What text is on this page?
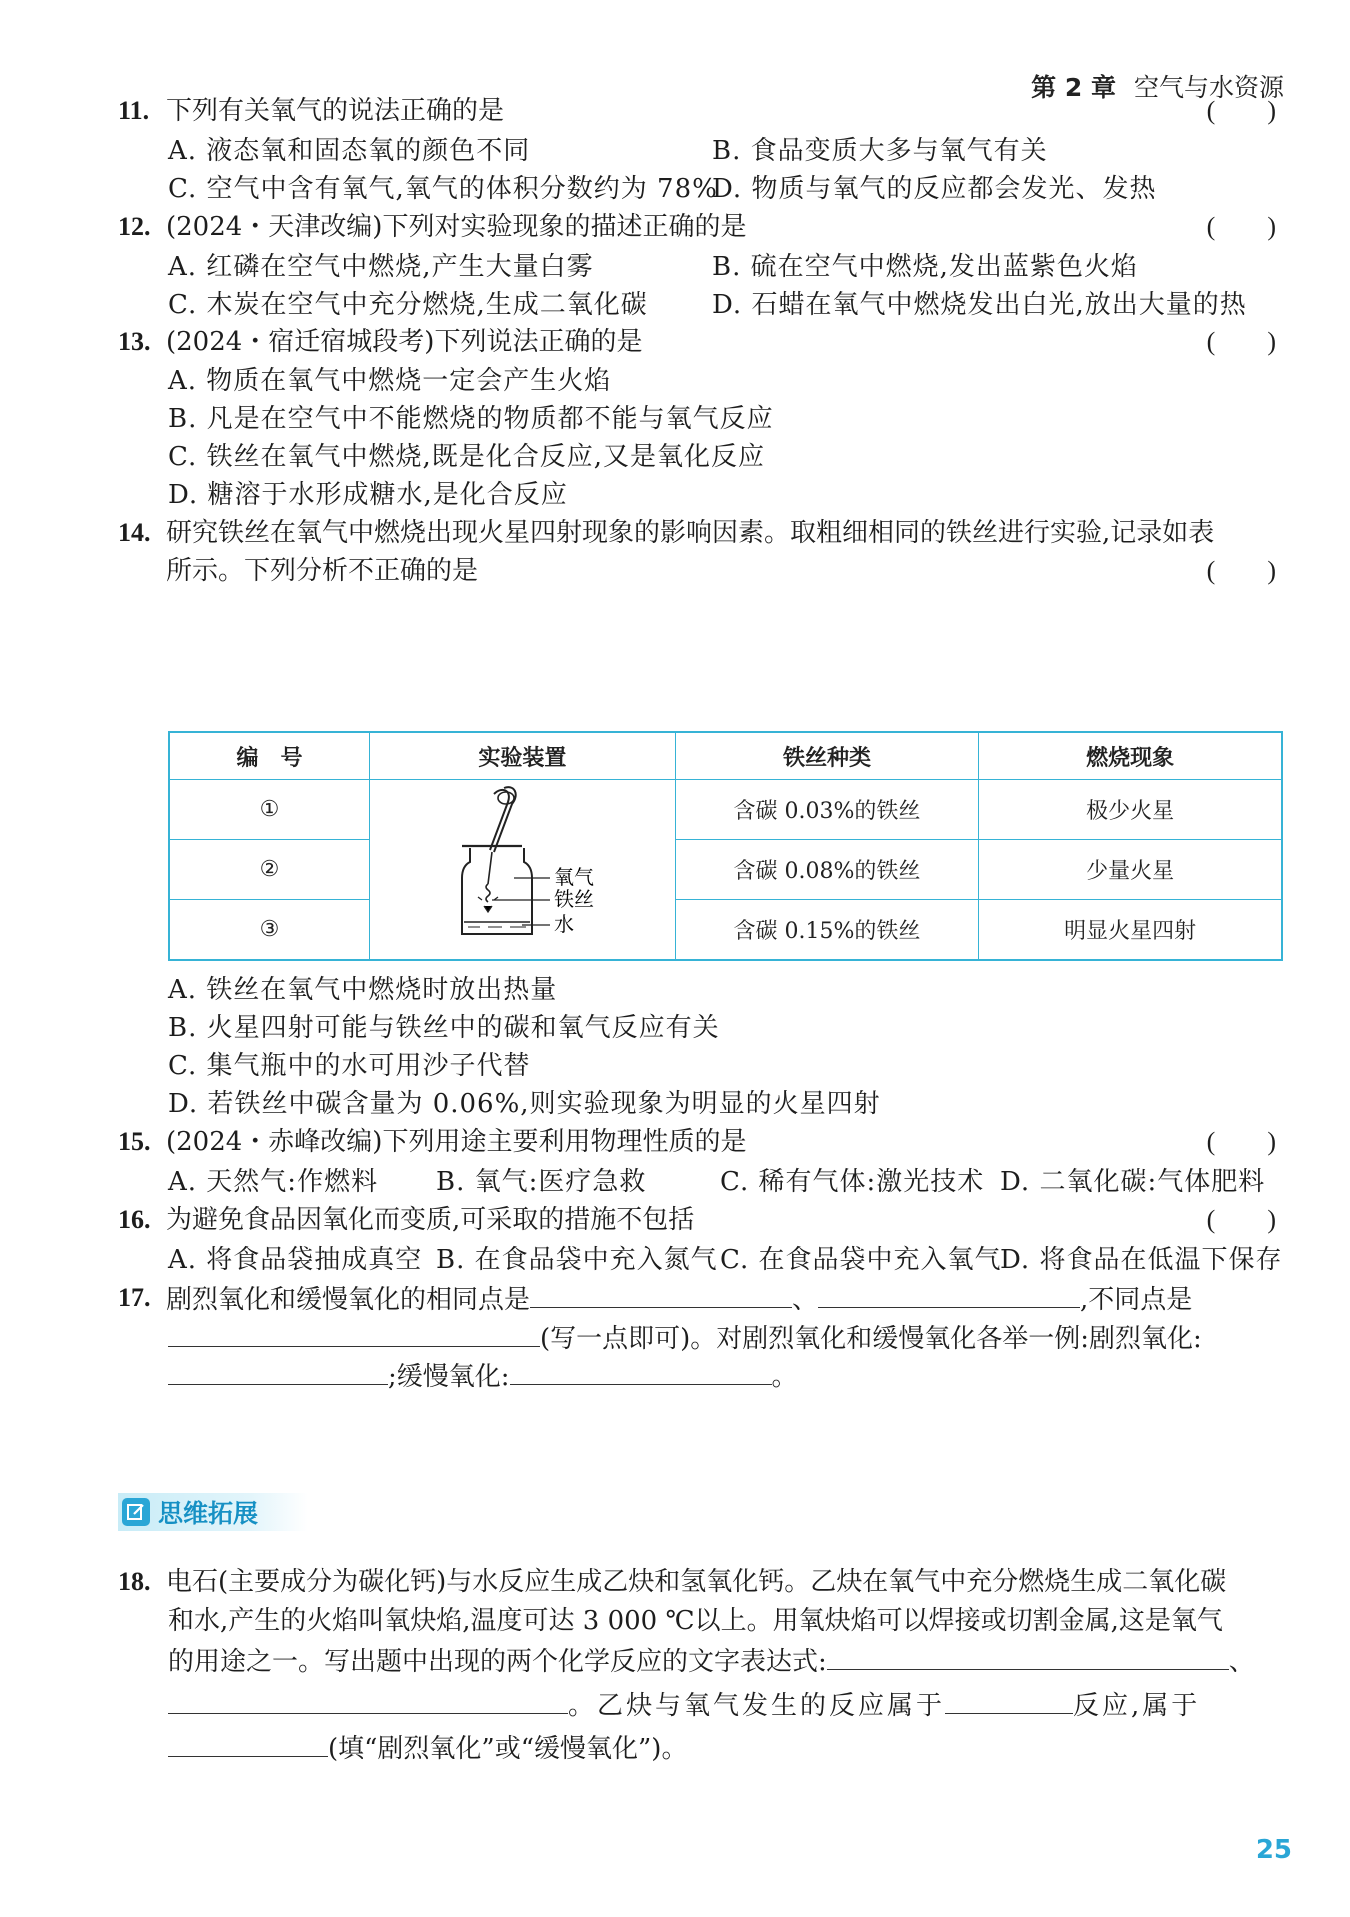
第 2 章 空气与水资源
11. 下列有关氧气的说法正确的是	(　　)
A. 液态氧和固态氧的颜色不同	B. 食品变质大多与氧气有关
C. 空气中含有氧气,氧气的体积分数约为 78%
D. 物质与氧气的反应都会发光、发热
12. (2024・天津改编)下列对实验现象的描述正确的是	(　　)
A. 红磷在空气中燃烧,产生大量白雾	B. 硫在空气中燃烧,发出蓝紫色火焰
C. 木炭在空气中充分燃烧,生成二氧化碳 D. 石蜡在氧气中燃烧发出白光,放出大量的热
13. (2024・宿迁宿城段考)下列说法正确的是	(　　)
A. 物质在氧气中燃烧一定会产生火焰
B. 凡是在空气中不能燃烧的物质都不能与氧气反应
C. 铁丝在氧气中燃烧,既是化合反应,又是氧化反应
D. 糖溶于水形成糖水,是化合反应
14. 研究铁丝在氧气中燃烧出现火星四射现象的影响因素。取粗细相同的铁丝进行实验,记录如表
所示。下列分析不正确的是	(　　)
编　号	实验装置	铁丝种类	燃烧现象
①	氧气
铁丝
水	含碳 0.03%的铁丝	极少火星
②		含碳 0.08%的铁丝	少量火星
③		含碳 0.15%的铁丝	明显火星四射
A. 铁丝在氧气中燃烧时放出热量
B. 火星四射可能与铁丝中的碳和氧气反应有关
C. 集气瓶中的水可用沙子代替
D. 若铁丝中碳含量为 0.06%,则实验现象为明显的火星四射
15. (2024・赤峰改编)下列用途主要利用物理性质的是	(　　)
A. 天然气:作燃料 B. 氧气:医疗急救	C. 稀有气体:激光技术 D. 二氧化碳:气体肥料
16. 为避免食品因氧化而变质,可采取的措施不包括	(　　)
A. 将食品袋抽成真空 B. 在食品袋中充入氮气 C. 在食品袋中充入氧气
D. 将食品在低温下保存
17. 剧烈氧化和缓慢氧化的相同点是	、	,不同点是
(写一点即可)。对剧烈氧化和缓慢氧化各举一例:剧烈氧化:
;缓慢氧化:	。
思维拓展
18. 电石(主要成分为碳化钙)与水反应生成乙炔和氢氧化钙。乙炔在氧气中充分燃烧生成二氧化碳
和水,产生的火焰叫氧炔焰,温度可达 3 000 ℃以上。用氧炔焰可以焊接或切割金属,这是氧气
的用途之一。写出题中出现的两个化学反应的文字表达式:	、
。乙炔与氧气发生的反应属于	反应,属于
(填“剧烈氧化”或“缓慢氧化”)。
25
